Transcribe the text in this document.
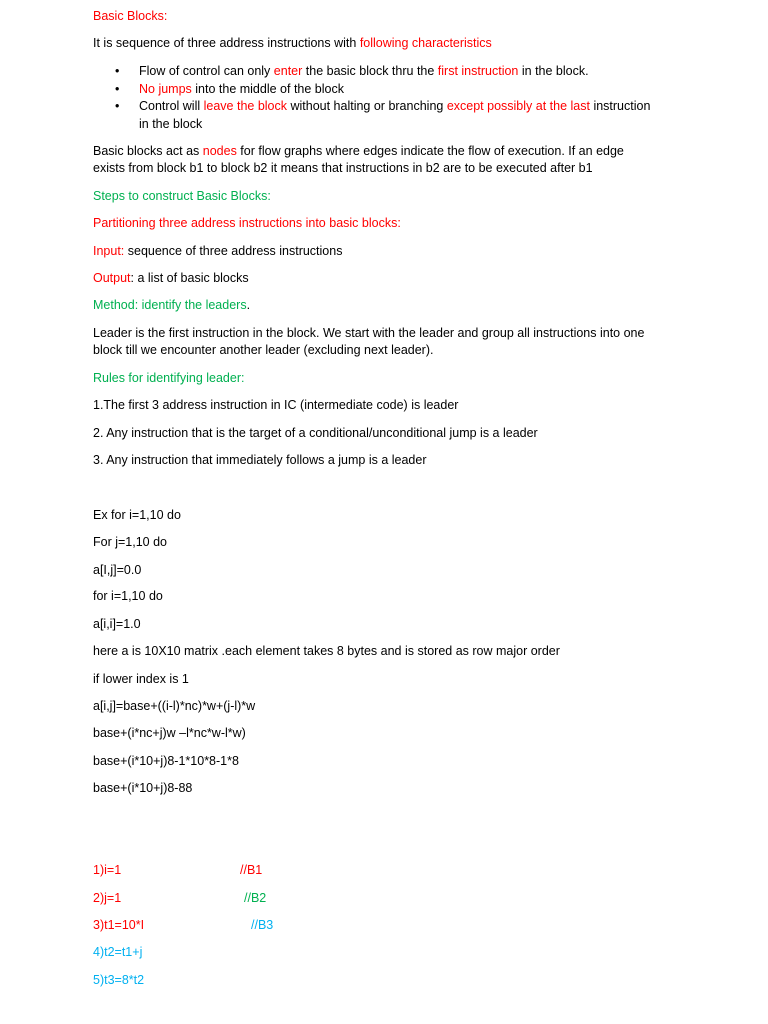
Basic Blocks:
It is sequence of three address instructions with following characteristics
• Flow of control can only enter the basic block thru the first instruction in the block.
• No jumps into the middle of the block
• Control will leave the block without halting or branching except possibly at the last instruction in the block
Basic blocks act as nodes for flow graphs where edges indicate the flow of execution. If an edge exists from block b1 to block b2 it means that instructions in b2 are to be executed after b1
Steps to construct Basic Blocks:
Partitioning three address instructions into basic blocks:
Input: sequence of three address instructions
Output: a list of basic blocks
Method: identify the leaders.
Leader is the first instruction in the block. We start with the leader and group all instructions into one block till we encounter another leader (excluding next leader).
Rules for identifying leader:
1.The first 3 address instruction in IC (intermediate code) is leader
2. Any instruction that is the target of a conditional/unconditional jump is a leader
3. Any instruction that immediately follows a jump is a leader
Ex for i=1,10 do
For j=1,10 do
a[I,j]=0.0
for i=1,10 do
a[i,i]=1.0
here a is 10X10 matrix .each element takes 8 bytes and is stored as row major order
if lower index is 1
a[i,j]=base+((i-l)*nc)*w+(j-l)*w
base+(i*nc+j)w –l*nc*w-l*w)
base+(i*10+j)8-1*10*8-1*8
base+(i*10+j)8-88
1)i=1	//B1
2)j=1	//B2
3)t1=10*I	//B3
4)t2=t1+j
5)t3=8*t2
